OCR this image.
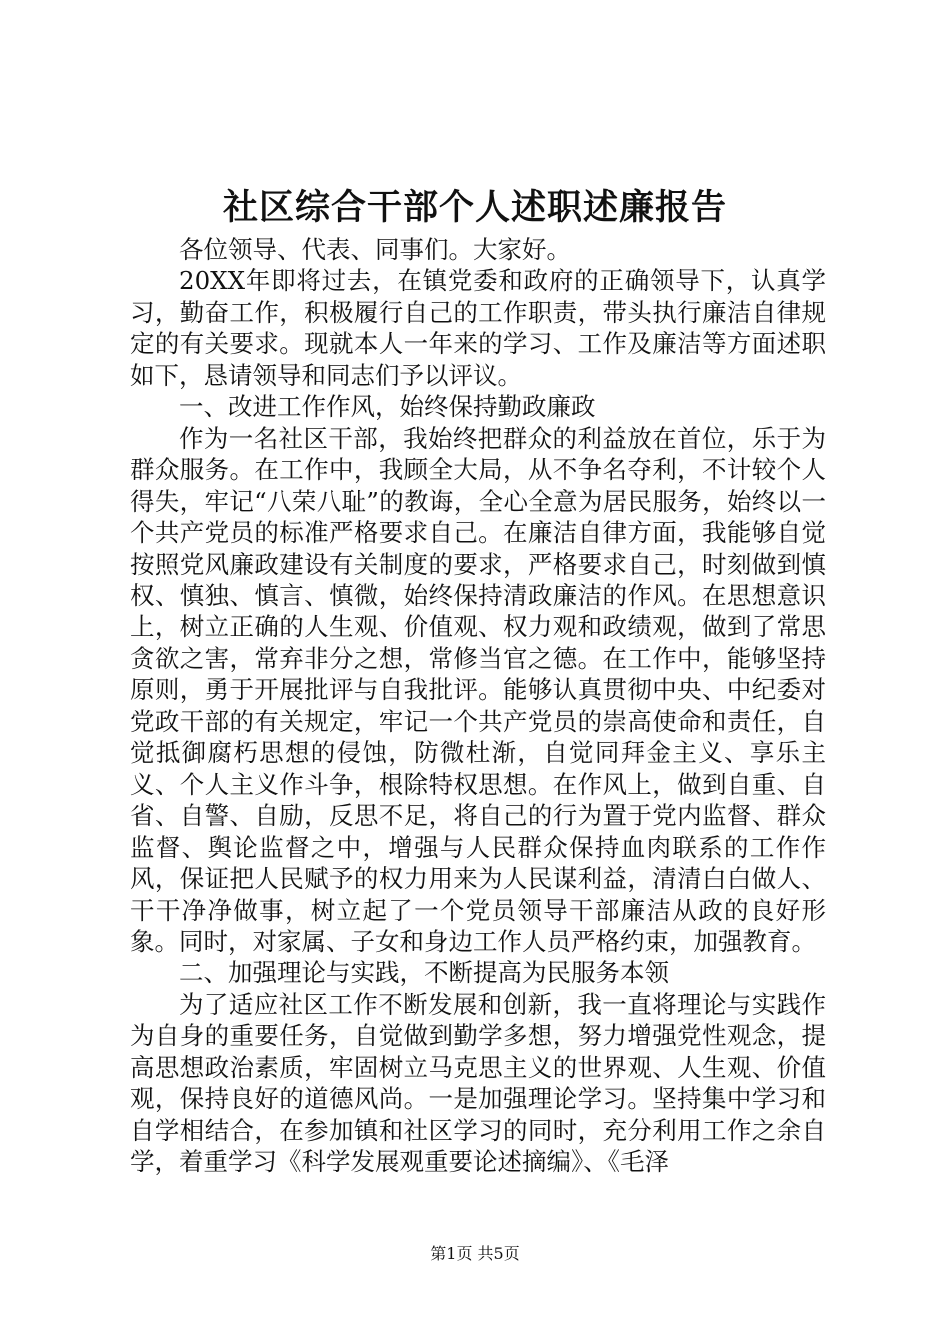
社区综合干部个人述职述廉报告

各位领导、代表、同事们。大家好。

20XX年即将过去，在镇党委和政府的正确领导下，认真学习，勤奋工作，积极履行自己的工作职责，带头执行廉洁自律规定的有关要求。现就本人一年来的学习、工作及廉洁等方面述职如下，恳请领导和同志们予以评议。

一、改进工作作风，始终保持勤政廉政

作为一名社区干部，我始终把群众的利益放在首位，乐于为群众服务。在工作中，我顾全大局，从不争名夺利，不计较个人得失，牢记“八荣八耻”的教诲，全心全意为居民服务，始终以一个共产党员的标准严格要求自己。在廉洁自律方面，我能够自觉按照党风廉政建设有关制度的要求，严格要求自己，时刻做到慎权、慎独、慎言、慎微，始终保持清政廉洁的作风。在思想意识上，树立正确的人生观、价值观、权力观和政绩观，做到了常思贪欲之害，常弃非分之想，常修当官之德。在工作中，能够坚持原则，勇于开展批评与自我批评。能够认真贯彻中央、中纪委对党政干部的有关规定，牢记一个共产党员的崇高使命和责任，自觉抵御腐朽思想的侵蚀，防微杜渐，自觉同拜金主义、享乐主义、个人主义作斗争，根除特权思想。在作风上，做到自重、自省、自警、自励，反思不足，将自己的行为置于党内监督、群众监督、舆论监督之中，增强与人民群众保持血肉联系的工作作风，保证把人民赋予的权力用来为人民谋利益，清清白白做人、干干净净做事，树立起了一个党员领导干部廉洁从政的良好形象。同时，对家属、子女和身边工作人员严格约束，加强教育。

二、加强理论与实践，不断提高为民服务本领

为了适应社区工作不断发展和创新，我一直将理论与实践作为自身的重要任务，自觉做到勤学多想，努力增强党性观念，提高思想政治素质，牢固树立马克思主义的世界观、人生观、价值观，保持良好的道德风尚。一是加强理论学习。坚持集中学习和自学相结合，在参加镇和社区学习的同时，充分利用工作之余自学，着重学习《科学发展观重要论述摘编》、《毛泽

第1页 共5页
